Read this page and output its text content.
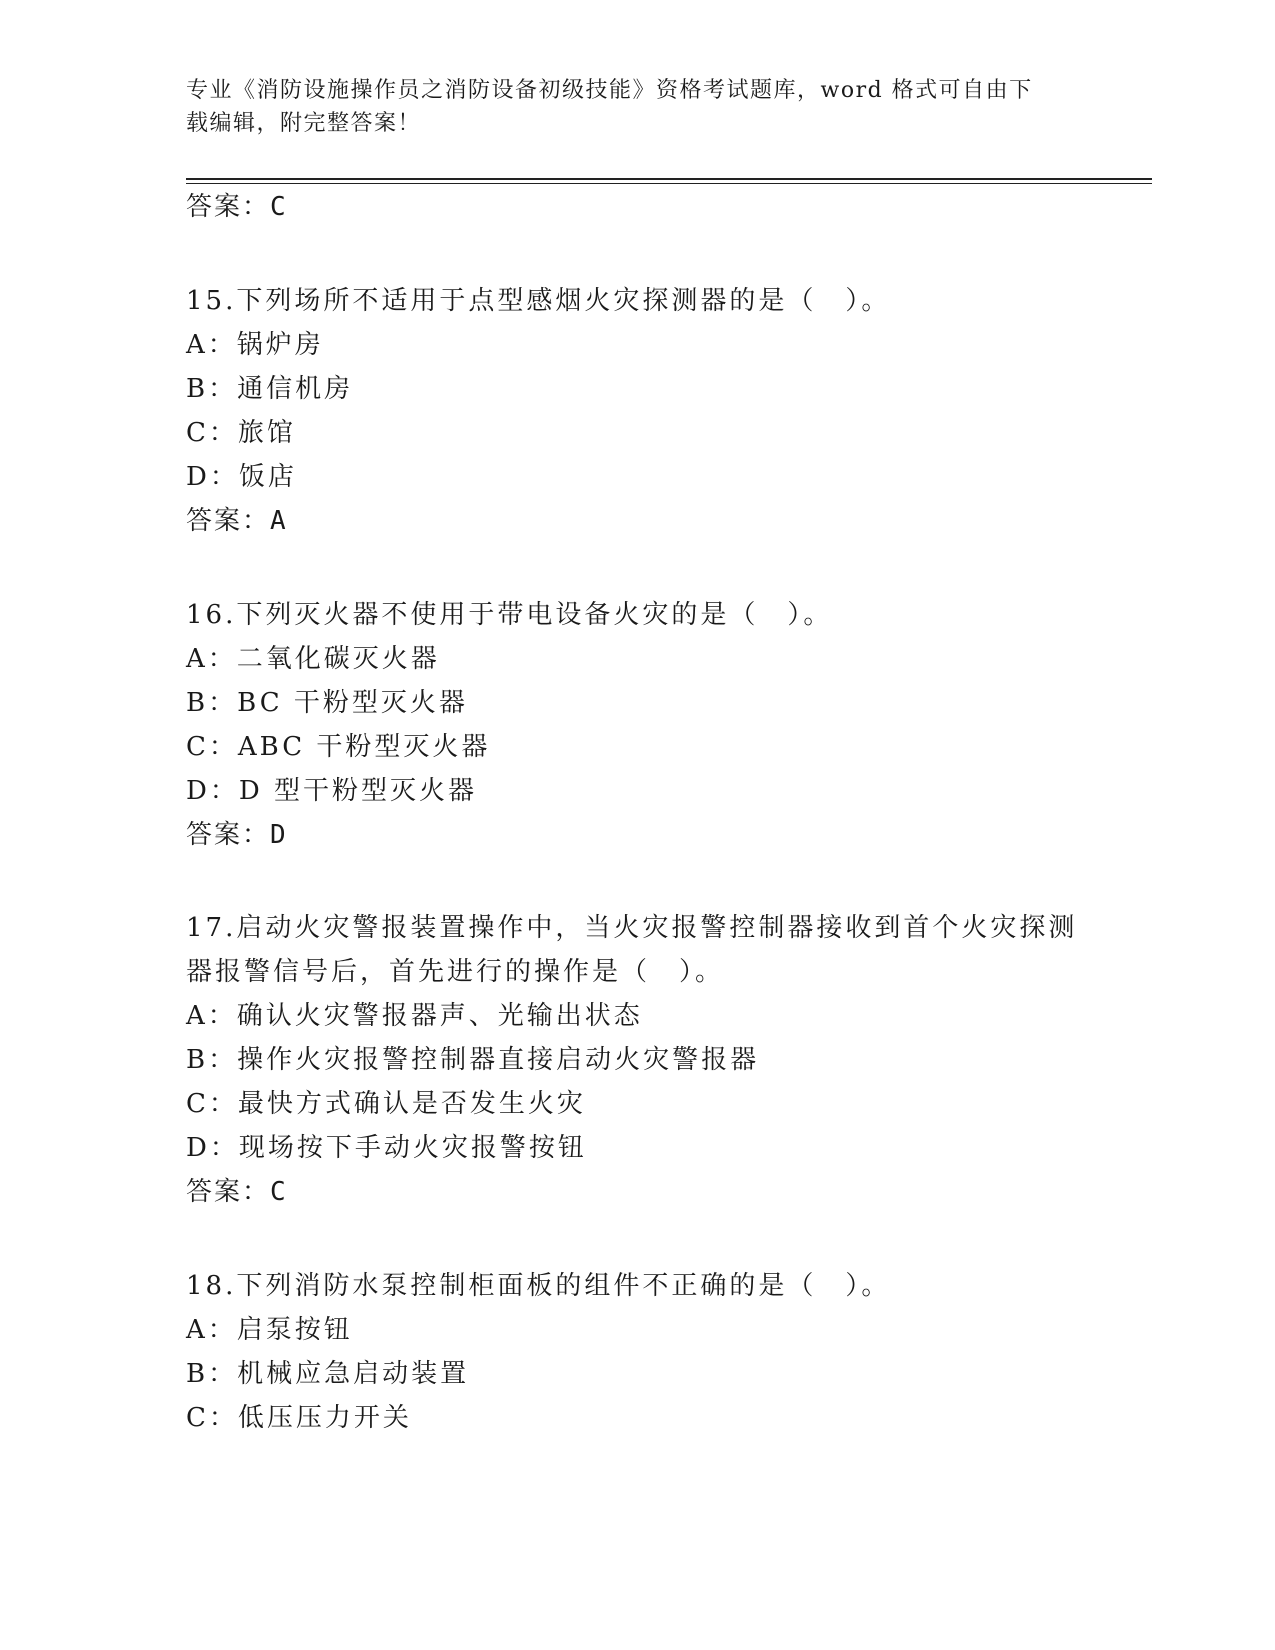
专业《消防设施操作员之消防设备初级技能》资格考试题库，word 格式可自由下
载编辑，附完整答案！
答案：C
15.下列场所不适用于点型感烟火灾探测器的是（　）。
A：锅炉房
B：通信机房
C：旅馆
D：饭店
答案：A
16.下列灭火器不使用于带电设备火灾的是（　）。
A：二氧化碳灭火器
B：BC 干粉型灭火器
C：ABC 干粉型灭火器
D：D 型干粉型灭火器
答案：D
17.启动火灾警报装置操作中，当火灾报警控制器接收到首个火灾探测
器报警信号后，首先进行的操作是（　）。
A：确认火灾警报器声、光输出状态
B：操作火灾报警控制器直接启动火灾警报器
C：最快方式确认是否发生火灾
D：现场按下手动火灾报警按钮
答案：C
18.下列消防水泵控制柜面板的组件不正确的是（　）。
A：启泵按钮
B：机械应急启动装置
C：低压压力开关
